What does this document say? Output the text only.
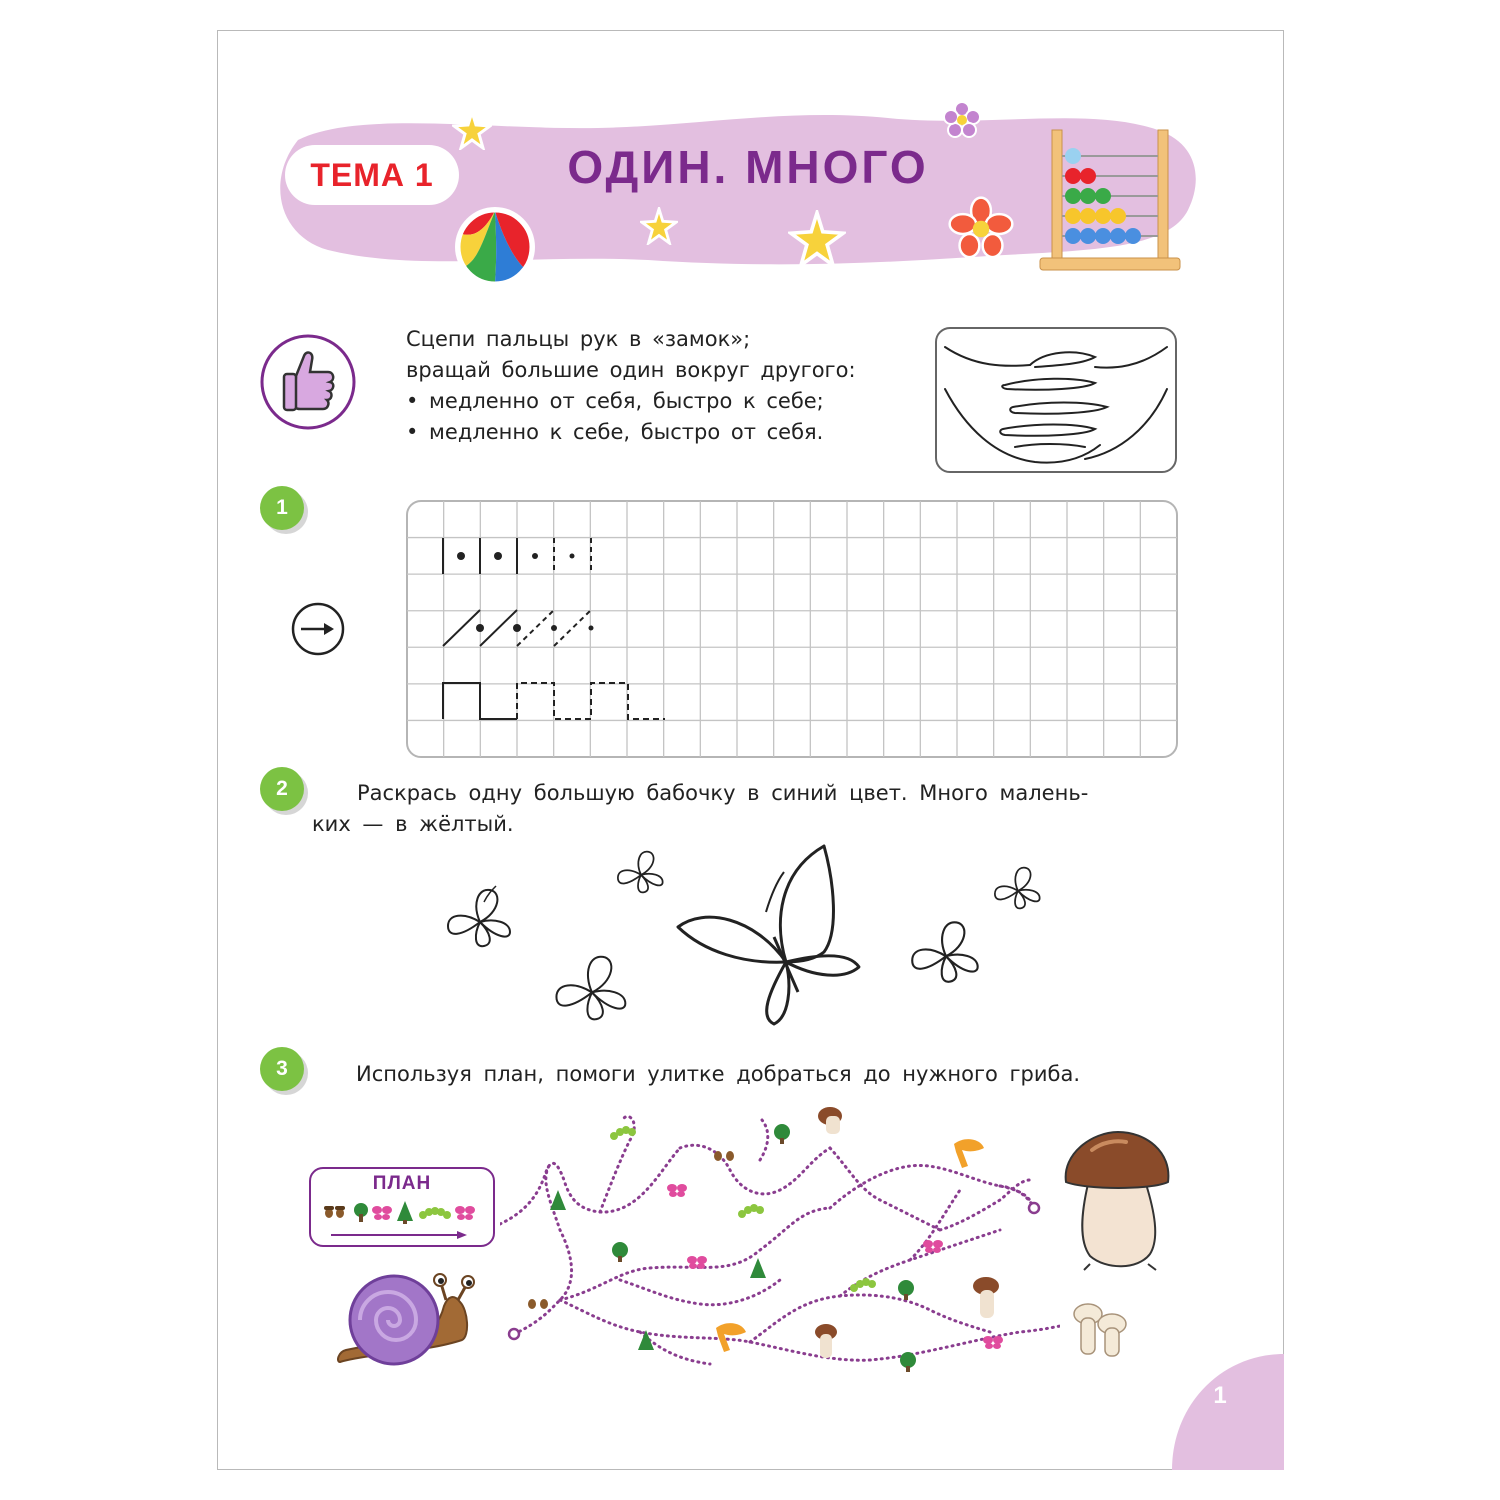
ТЕМА 1	ОДИН. МНОГО
Сцепи пальцы рук в «замок»;
вращай большие один вокруг другого:
• медленно от себя, быстро к себе;
• медленно к себе, быстро от себя.
1
2	Раскрась одну большую бабочку в синий цвет. Много малень-
ких — в жёлтый.
3	Используя план, помоги улитке добраться до нужного гриба.
ПЛАН
1
